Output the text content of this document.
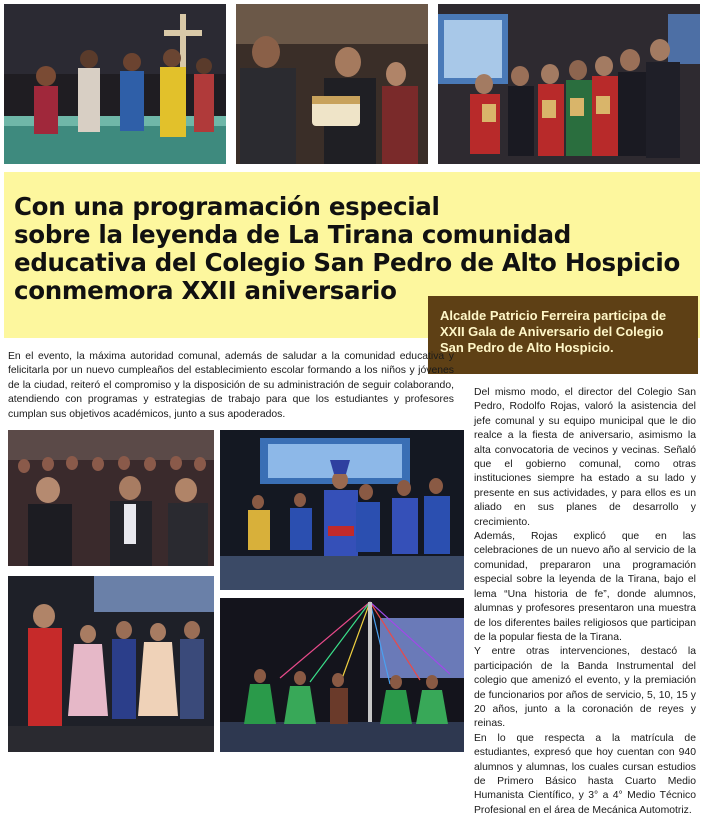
Con una programación especial
sobre la leyenda de La Tirana comunidad
educativa del Colegio San Pedro de Alto Hospicio
conmemora XXII aniversario
Alcalde Patricio Ferreira participa de XXII Gala de Aniversario del Colegio San Pedro de Alto Hospicio.

En el evento, la máxima autoridad comunal, además de saludar a la comunidad educativa y felicitarla por un nuevo cumpleaños del establecimiento escolar formando a los niños y jóvenes de la ciudad, reiteró el compromiso y la disposición de su administración de seguir colaborando, atendiendo con programas y estrategias de trabajo para que los estudiantes y profesores cumplan sus objetivos académicos, junto a sus apoderados.

Del mismo modo, el director del Colegio San Pedro, Rodolfo Rojas, valoró la asistencia del jefe comunal y su equipo municipal que le dio realce a la fiesta de aniversario, asimismo la alta convocatoria de vecinos y vecinas. Señaló que el gobierno comunal, como otras instituciones siempre ha estado a su lado y presente en sus actividades, y para ellos es un aliado en sus planes de desarrollo y crecimiento.

Además, Rojas explicó que en las celebraciones de un nuevo año al servicio de la comunidad, prepararon una programación especial sobre la leyenda de la Tirana, bajo el lema “Una historia de fe”, donde alumnos, alumnas y profesores presentaron una muestra de los diferentes bailes religiosos que participan de la popular fiesta de la Tirana.

Y entre otras intervenciones, destacó la participación de la Banda Instrumental del colegio que amenizó el evento, y la premiación de funcionarios por años de servicio, 5, 10, 15 y 20 años, junto a la coronación de reyes y reinas.

En lo que respecta a la matrícula de estudiantes, expresó que hoy cuentan con 940 alumnos y alumnas, los cuales cursan estudios de Primero Básico hasta Cuarto Medio Humanista Científico, y 3° a 4° Medio Técnico Profesional en el área de Mecánica Automotriz.
